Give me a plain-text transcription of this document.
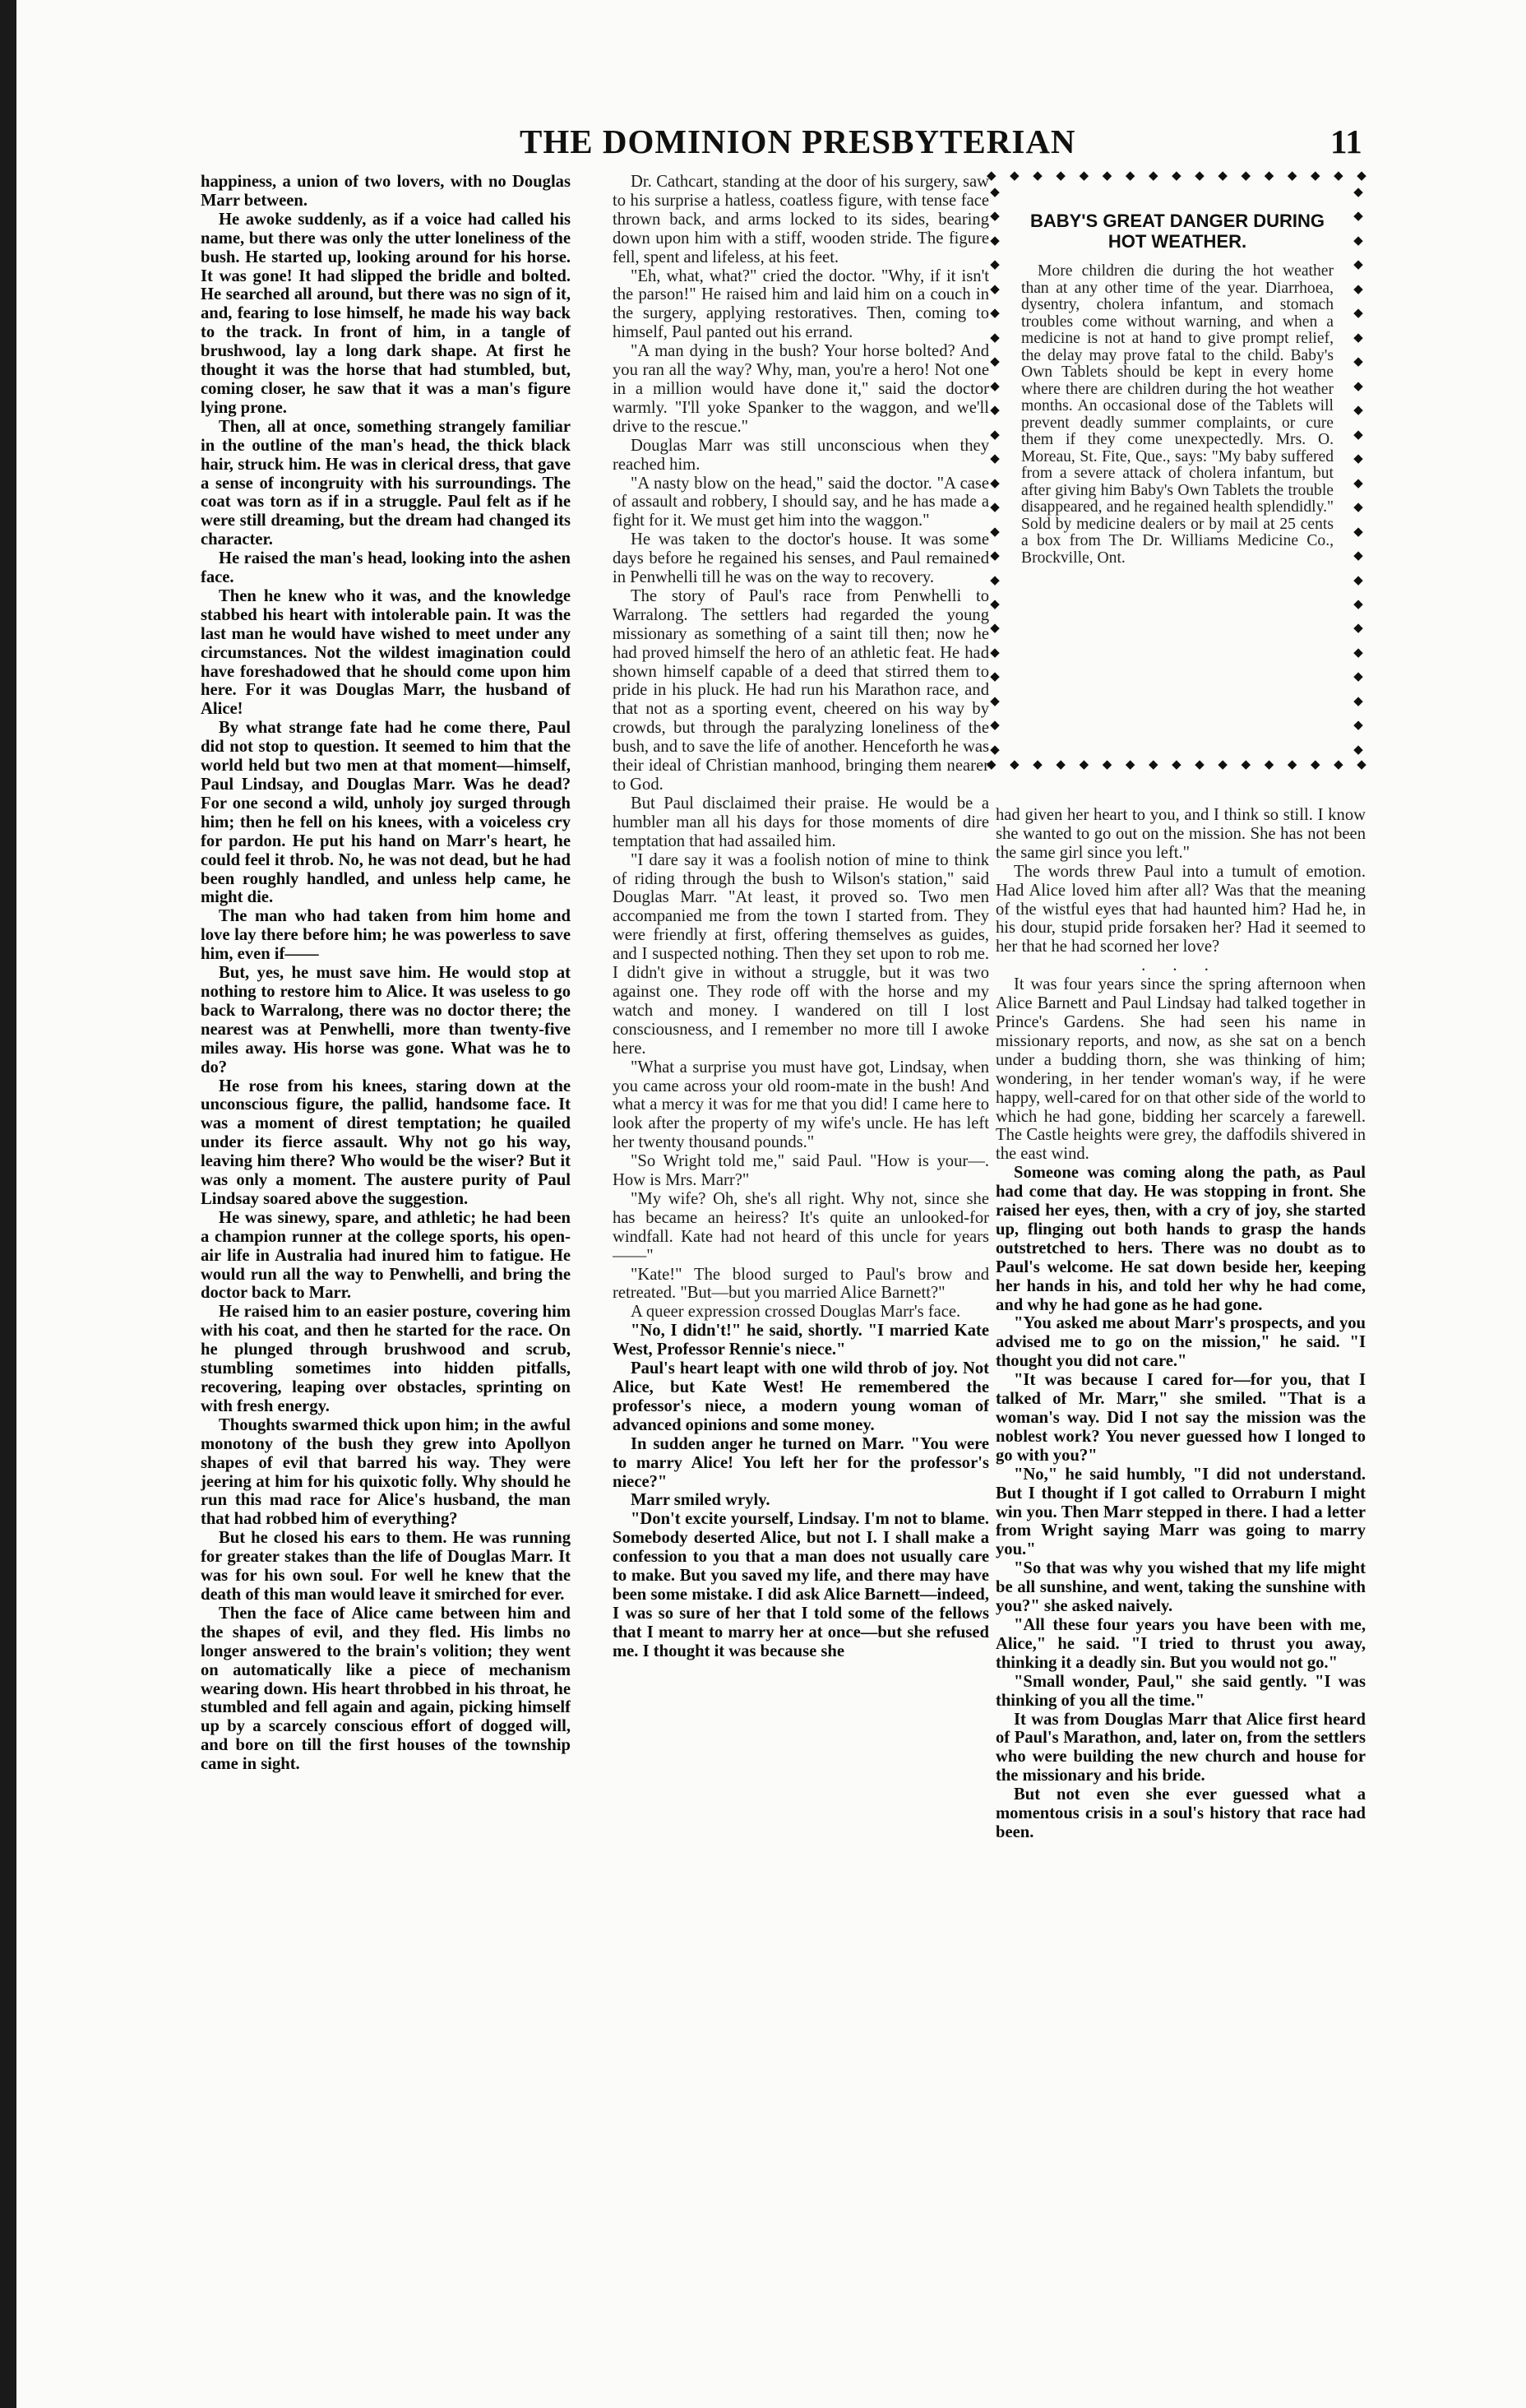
THE DOMINION PRESBYTERIAN	11

happiness, a union of two lovers, with no Douglas Marr between.

He awoke suddenly, as if a voice had called his name, but there was only the utter loneliness of the bush. He started up, looking around for his horse. It was gone! It had slipped the bridle and bolted. He searched all around, but there was no sign of it, and, fearing to lose himself, he made his way back to the track. In front of him, in a tangle of brushwood, lay a long dark shape. At first he thought it was the horse that had stumbled, but, coming closer, he saw that it was a man's figure lying prone.

Then, all at once, something strangely familiar in the outline of the man's head, the thick black hair, struck him. He was in clerical dress, that gave a sense of incongruity with his surroundings. The coat was torn as if in a struggle. Paul felt as if he were still dreaming, but the dream had changed its character.

He raised the man's head, looking into the ashen face.

Then he knew who it was, and the knowledge stabbed his heart with intolerable pain. It was the last man he would have wished to meet under any circumstances. Not the wildest imagination could have foreshadowed that he should come upon him here. For it was Douglas Marr, the husband of Alice!

By what strange fate had he come there, Paul did not stop to question. It seemed to him that the world held but two men at that moment—himself, Paul Lindsay, and Douglas Marr. Was he dead? For one second a wild, unholy joy surged through him; then he fell on his knees, with a voiceless cry for pardon. He put his hand on Marr's heart, he could feel it throb. No, he was not dead, but he had been roughly handled, and unless help came, he might die.

The man who had taken from him home and love lay there before him; he was powerless to save him, even if——

But, yes, he must save him. He would stop at nothing to restore him to Alice. It was useless to go back to Warralong, there was no doctor there; the nearest was at Penwhelli, more than twenty-five miles away. His horse was gone. What was he to do?

He rose from his knees, staring down at the unconscious figure, the pallid, handsome face. It was a moment of direst temptation; he quailed under its fierce assault. Why not go his way, leaving him there? Who would be the wiser? But it was only a moment. The austere purity of Paul Lindsay soared above the suggestion.

He was sinewy, spare, and athletic; he had been a champion runner at the college sports, his open-air life in Australia had inured him to fatigue. He would run all the way to Penwhelli, and bring the doctor back to Marr.

He raised him to an easier posture, covering him with his coat, and then he started for the race. On he plunged through brushwood and scrub, stumbling sometimes into hidden pitfalls, recovering, leaping over obstacles, sprinting on with fresh energy.

Thoughts swarmed thick upon him; in the awful monotony of the bush they grew into Apollyon shapes of evil that barred his way. They were jeering at him for his quixotic folly. Why should he run this mad race for Alice's husband, the man that had robbed him of everything?

But he closed his ears to them. He was running for greater stakes than the life of Douglas Marr. It was for his own soul. For well he knew that the death of this man would leave it smirched for ever.

Then the face of Alice came between him and the shapes of evil, and they fled. His limbs no longer answered to the brain's volition; they went on automatically like a piece of mechanism wearing down. His heart throbbed in his throat, he stumbled and fell again and again, picking himself up by a scarcely conscious effort of dogged will, and bore on till the first houses of the township came in sight.

Dr. Cathcart, standing at the door of his surgery, saw to his surprise a hatless, coatless figure, with tense face thrown back, and arms locked to its sides, bearing down upon him with a stiff, wooden stride. The figure fell, spent and lifeless, at his feet.

"Eh, what, what?" cried the doctor. "Why, if it isn't the parson!" He raised him and laid him on a couch in the surgery, applying restoratives. Then, coming to himself, Paul panted out his errand.

"A man dying in the bush? Your horse bolted? And you ran all the way? Why, man, you're a hero! Not one in a million would have done it," said the doctor warmly. "I'll yoke Spanker to the waggon, and we'll drive to the rescue."

Douglas Marr was still unconscious when they reached him.

"A nasty blow on the head," said the doctor. "A case of assault and robbery, I should say, and he has made a fight for it. We must get him into the waggon."

He was taken to the doctor's house. It was some days before he regained his senses, and Paul remained in Penwhelli till he was on the way to recovery.

The story of Paul's race from Penwhelli to Warralong. The settlers had regarded the young missionary as something of a saint till then; now he had proved himself the hero of an athletic feat. He had shown himself capable of a deed that stirred them to pride in his pluck. He had run his Marathon race, and that not as a sporting event, cheered on his way by crowds, but through the paralyzing loneliness of the bush, and to save the life of another. Henceforth he was their ideal of Christian manhood, bringing them nearer to God.

But Paul disclaimed their praise. He would be a humbler man all his days for those moments of dire temptation that had assailed him.

"I dare say it was a foolish notion of mine to think of riding through the bush to Wilson's station," said Douglas Marr. "At least, it proved so. Two men accompanied me from the town I started from. They were friendly at first, offering themselves as guides, and I suspected nothing. Then they set upon to rob me. I didn't give in without a struggle, but it was two against one. They rode off with the horse and my watch and money. I wandered on till I lost consciousness, and I remember no more till I awoke here.

"What a surprise you must have got, Lindsay, when you came across your old room-mate in the bush! And what a mercy it was for me that you did! I came here to look after the property of my wife's uncle. He has left her twenty thousand pounds."

"So Wright told me," said Paul. "How is your—. How is Mrs. Marr?"

"My wife? Oh, she's all right. Why not, since she has became an heiress? It's quite an unlooked-for windfall. Kate had not heard of this uncle for years——"

"Kate!" The blood surged to Paul's brow and retreated. "But—but you married Alice Barnett?"

A queer expression crossed Douglas Marr's face.

"No, I didn't!" he said, shortly. "I married Kate West, Professor Rennie's niece."

Paul's heart leapt with one wild throb of joy. Not Alice, but Kate West! He remembered the professor's niece, a modern young woman of advanced opinions and some money.

In sudden anger he turned on Marr. "You were to marry Alice! You left her for the professor's niece?"

Marr smiled wryly.

"Don't excite yourself, Lindsay. I'm not to blame. Somebody deserted Alice, but not I. I shall make a confession to you that a man does not usually care to make. But you saved my life, and there may have been some mistake. I did ask Alice Barnett—indeed, I was so sure of her that I told some of the fellows that I meant to marry her at once—but she refused me. I thought it was because she

◆ ◆ ◆ ◆ ◆ ◆ ◆ ◆ ◆ ◆ ◆ ◆ ◆ ◆ ◆ ◆ ◆
◆ ◆ ◆ ◆ ◆ ◆ ◆ ◆ ◆ ◆ ◆ ◆ ◆ ◆ ◆ ◆ ◆
◆
◆
◆
◆
◆
◆
◆
◆
◆
◆
◆
◆
◆
◆
◆
◆
◆
◆
◆
◆
◆
◆
◆
◆
◆
◆
◆
◆
◆
◆
◆
◆
◆
◆
◆
◆
◆
◆
◆
◆
◆
◆
◆
◆
◆
◆
◆
◆
BABY'S GREAT DANGER DURING HOT WEATHER.

More children die during the hot weather than at any other time of the year. Diarrhoea, dysentry, cholera infantum, and stomach troubles come without warning, and when a medicine is not at hand to give prompt relief, the delay may prove fatal to the child. Baby's Own Tablets should be kept in every home where there are children during the hot weather months. An occasional dose of the Tablets will prevent deadly summer complaints, or cure them if they come unexpectedly. Mrs. O. Moreau, St. Fite, Que., says: "My baby suffered from a severe attack of cholera infantum, but after giving him Baby's Own Tablets the trouble disappeared, and he regained health splendidly." Sold by medicine dealers or by mail at 25 cents a box from The Dr. Williams Medicine Co., Brockville, Ont.

had given her heart to you, and I think so still. I know she wanted to go out on the mission. She has not been the same girl since you left."

The words threw Paul into a tumult of emotion. Had Alice loved him after all? Was that the meaning of the wistful eyes that had haunted him? Had he, in his dour, stupid pride forsaken her? Had it seemed to her that he had scorned her love?

. . .

It was four years since the spring afternoon when Alice Barnett and Paul Lindsay had talked together in Prince's Gardens. She had seen his name in missionary reports, and now, as she sat on a bench under a budding thorn, she was thinking of him; wondering, in her tender woman's way, if he were happy, well-cared for on that other side of the world to which he had gone, bidding her scarcely a farewell. The Castle heights were grey, the daffodils shivered in the east wind.

Someone was coming along the path, as Paul had come that day. He was stopping in front. She raised her eyes, then, with a cry of joy, she started up, flinging out both hands to grasp the hands outstretched to hers. There was no doubt as to Paul's welcome. He sat down beside her, keeping her hands in his, and told her why he had come, and why he had gone as he had gone.

"You asked me about Marr's prospects, and you advised me to go on the mission," he said. "I thought you did not care."

"It was because I cared for—for you, that I talked of Mr. Marr," she smiled. "That is a woman's way. Did I not say the mission was the noblest work? You never guessed how I longed to go with you?"

"No," he said humbly, "I did not understand. But I thought if I got called to Orraburn I might win you. Then Marr stepped in there. I had a letter from Wright saying Marr was going to marry you."

"So that was why you wished that my life might be all sunshine, and went, taking the sunshine with you?" she asked naively.

"All these four years you have been with me, Alice," he said. "I tried to thrust you away, thinking it a deadly sin. But you would not go."

"Small wonder, Paul," she said gently. "I was thinking of you all the time."

It was from Douglas Marr that Alice first heard of Paul's Marathon, and, later on, from the settlers who were building the new church and house for the missionary and his bride.

But not even she ever guessed what a momentous crisis in a soul's history that race had been.
